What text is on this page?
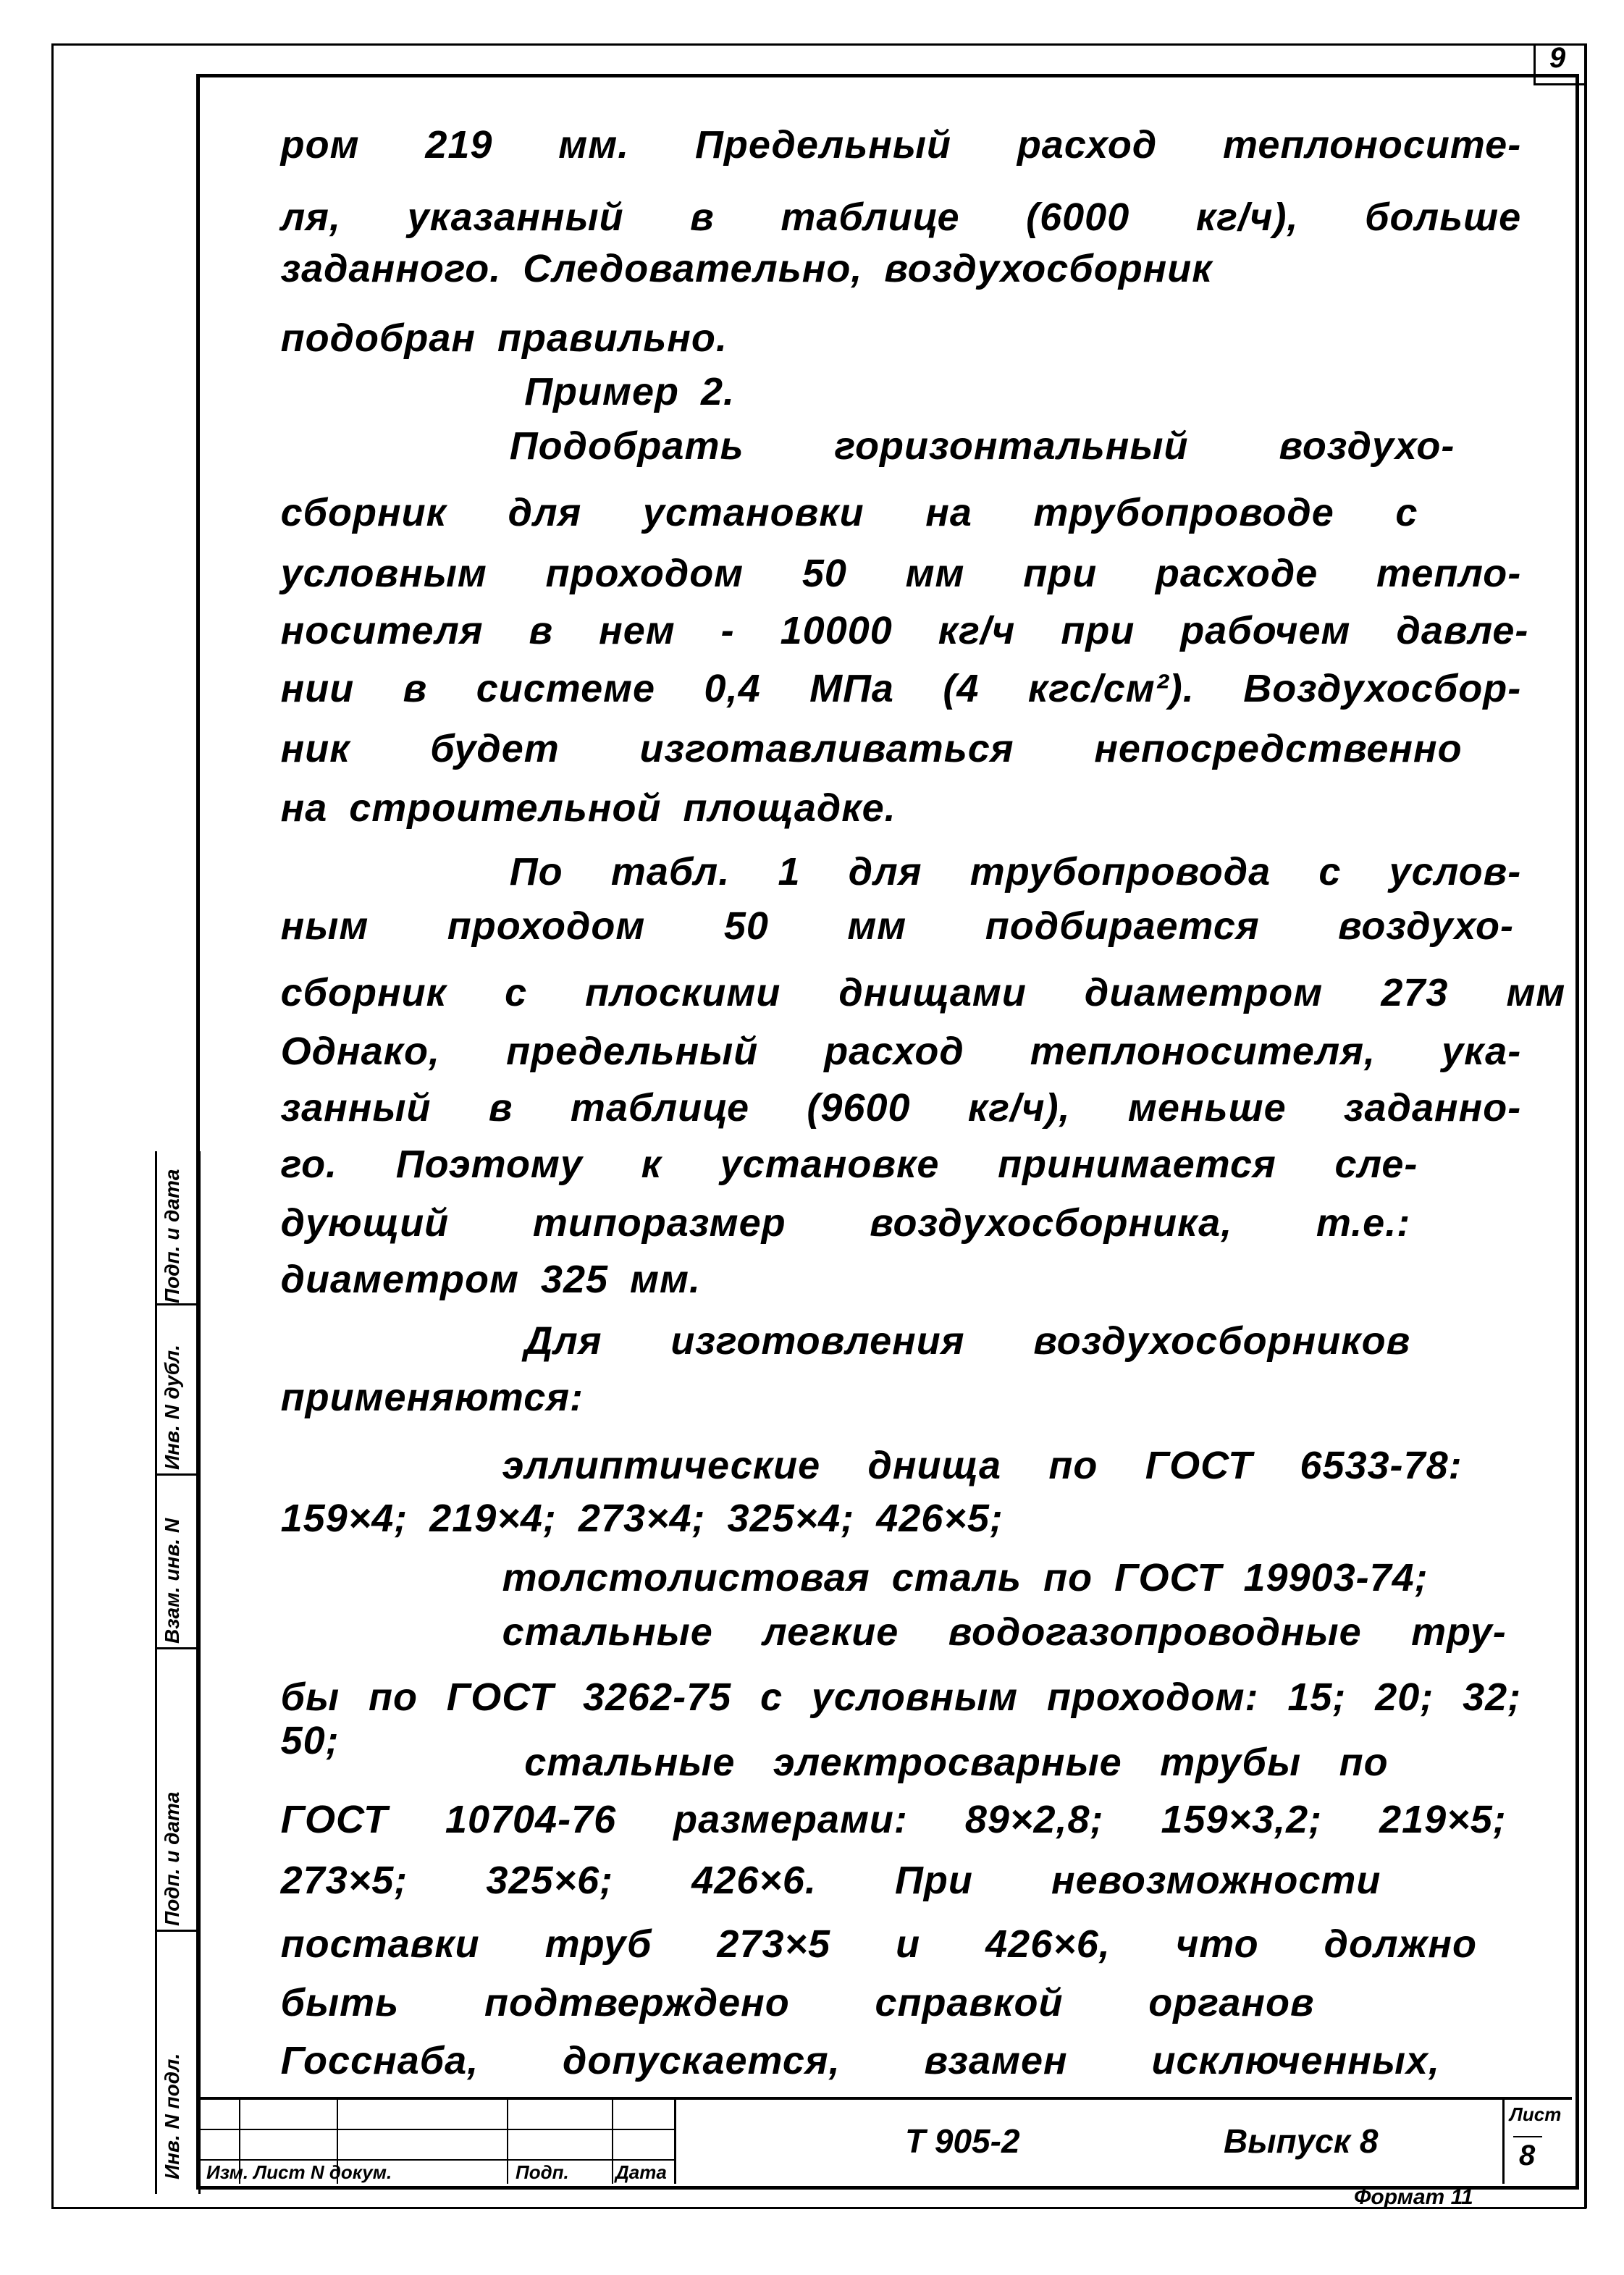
9
Подп. и дата
Инв. N дубл.
Взам. инв. N
Подп. и дата
Инв. N подл.
ром 219 мм. Предельный расход теплоносите-
ля, указанный в таблице (6000 кг/ч), больше
заданного. Следовательно, воздухосборник
подобран правильно.
Пример 2.
Подобрать горизонтальный воздухо-
сборник для установки на трубопроводе с
условным проходом 50 мм при расходе тепло-
носителя в нем - 10000 кг/ч при рабочем давле-
нии в системе 0,4 МПа (4 кгс/см²). Воздухосбор-
ник будет изготавливаться непосредственно
на строительной площадке.
По табл. 1 для трубопровода с услов-
ным проходом 50 мм подбирается воздухо-
сборник с плоскими днищами диаметром 273 мм
Однако, предельный расход теплоносителя, ука-
занный в таблице (9600 кг/ч), меньше заданно-
го. Поэтому к установке принимается сле-
дующий типоразмер воздухосборника, т.е.:
диаметром 325 мм.
Для изготовления воздухосборников
применяются:
эллиптические днища по ГОСТ 6533-78:
159×4; 219×4; 273×4; 325×4; 426×5;
толстолистовая сталь по ГОСТ 19903-74;
стальные легкие водогазопроводные тру-
бы по ГОСТ 3262-75 с условным проходом: 15; 20; 32; 50;	стальные электросварные трубы по
ГОСТ 10704-76 размерами: 89×2,8; 159×3,2; 219×5;
273×5; 325×6; 426×6. При невозможности
поставки труб 273×5 и 426×6, что должно
быть подтверждено справкой органов
Госснаба, допускается, взамен исключенных,
Изм. Лист N докум.	Подп. Дата
Т 905-2	Выпуск 8
Лист
8
Формат 11
